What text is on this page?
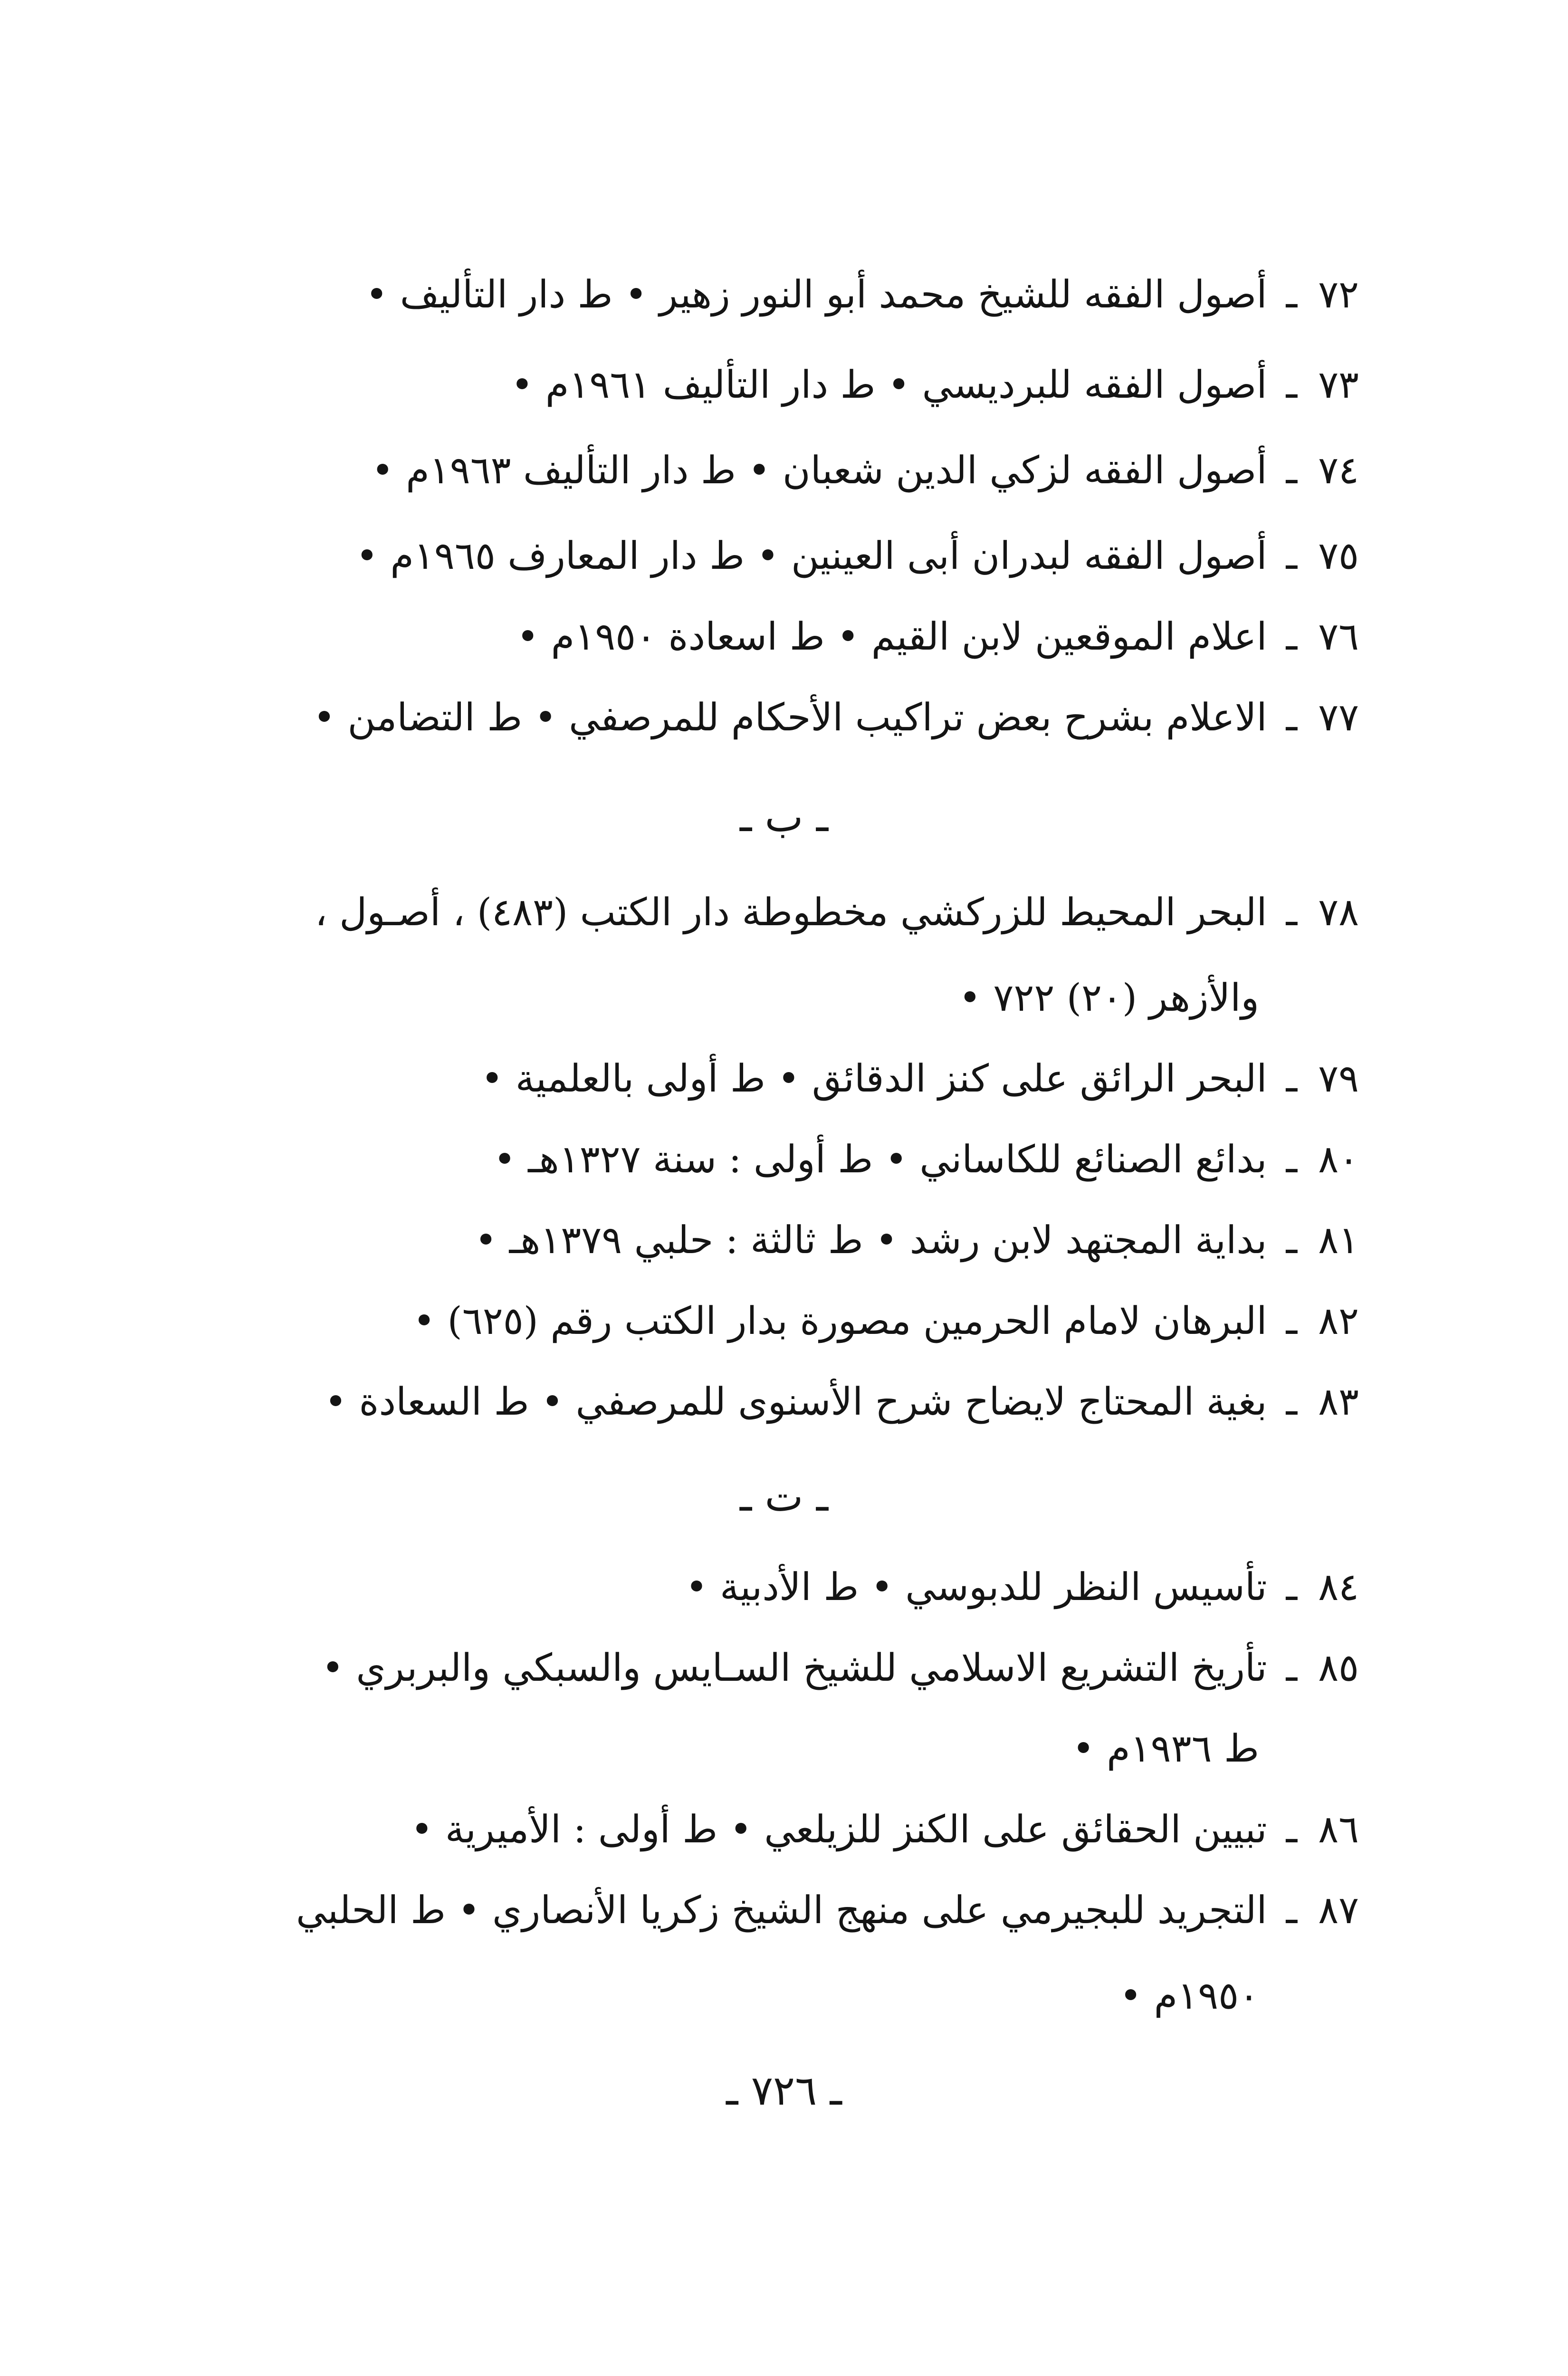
٧٢ـأصول الفقه للشيخ محمد أبو النور زهير • ط دار التأليف •
٧٣ـأصول الفقه للبرديسي • ط دار التأليف ١٩٦١م •
٧٤ـأصول الفقه لزكي الدين شعبان • ط دار التأليف ١٩٦٣م •
٧٥ـأصول الفقه لبدران أبى العينين • ط دار المعارف ١٩٦٥م •
٧٦ـاعلام الموقعين لابن القيم • ط اسعادة ١٩٥٠م •
٧٧ـالاعلام بشرح بعض تراكيب الأحكام للمرصفي • ط التضامن •
ـ ب ـ
٧٨ـالبحر المحيط للزركشي مخطوطة دار الكتب (٤٨٣) ، أصـول ،
والأزهر (٢٠) ٧٢٢ •
٧٩ـالبحر الرائق على كنز الدقائق • ط أولى بالعلمية •
٨٠ـبدائع الصنائع للكاساني • ط أولى : سنة ١٣٢٧هـ •
٨١ـبداية المجتهد لابن رشد • ط ثالثة : حلبي ١٣٧٩هـ •
٨٢ـالبرهان لامام الحرمين مصورة بدار الكتب رقم (٦٢٥) •
٨٣ـبغية المحتاج لايضاح شرح الأسنوى للمرصفي • ط السعادة •
ـ ت ـ
٨٤ـتأسيس النظر للدبوسي • ط الأدبية •
٨٥ـتأريخ التشريع الاسلامي للشيخ السـايس والسبكي والبربري •
ط ١٩٣٦م •
٨٦ـتبيين الحقائق على الكنز للزيلعي • ط أولى : الأميرية •
٨٧ـالتجريد للبجيرمي على منهج الشيخ زكريا الأنصاري • ط الحلبي
١٩٥٠م •
ـ ٧٢٦ ـ
